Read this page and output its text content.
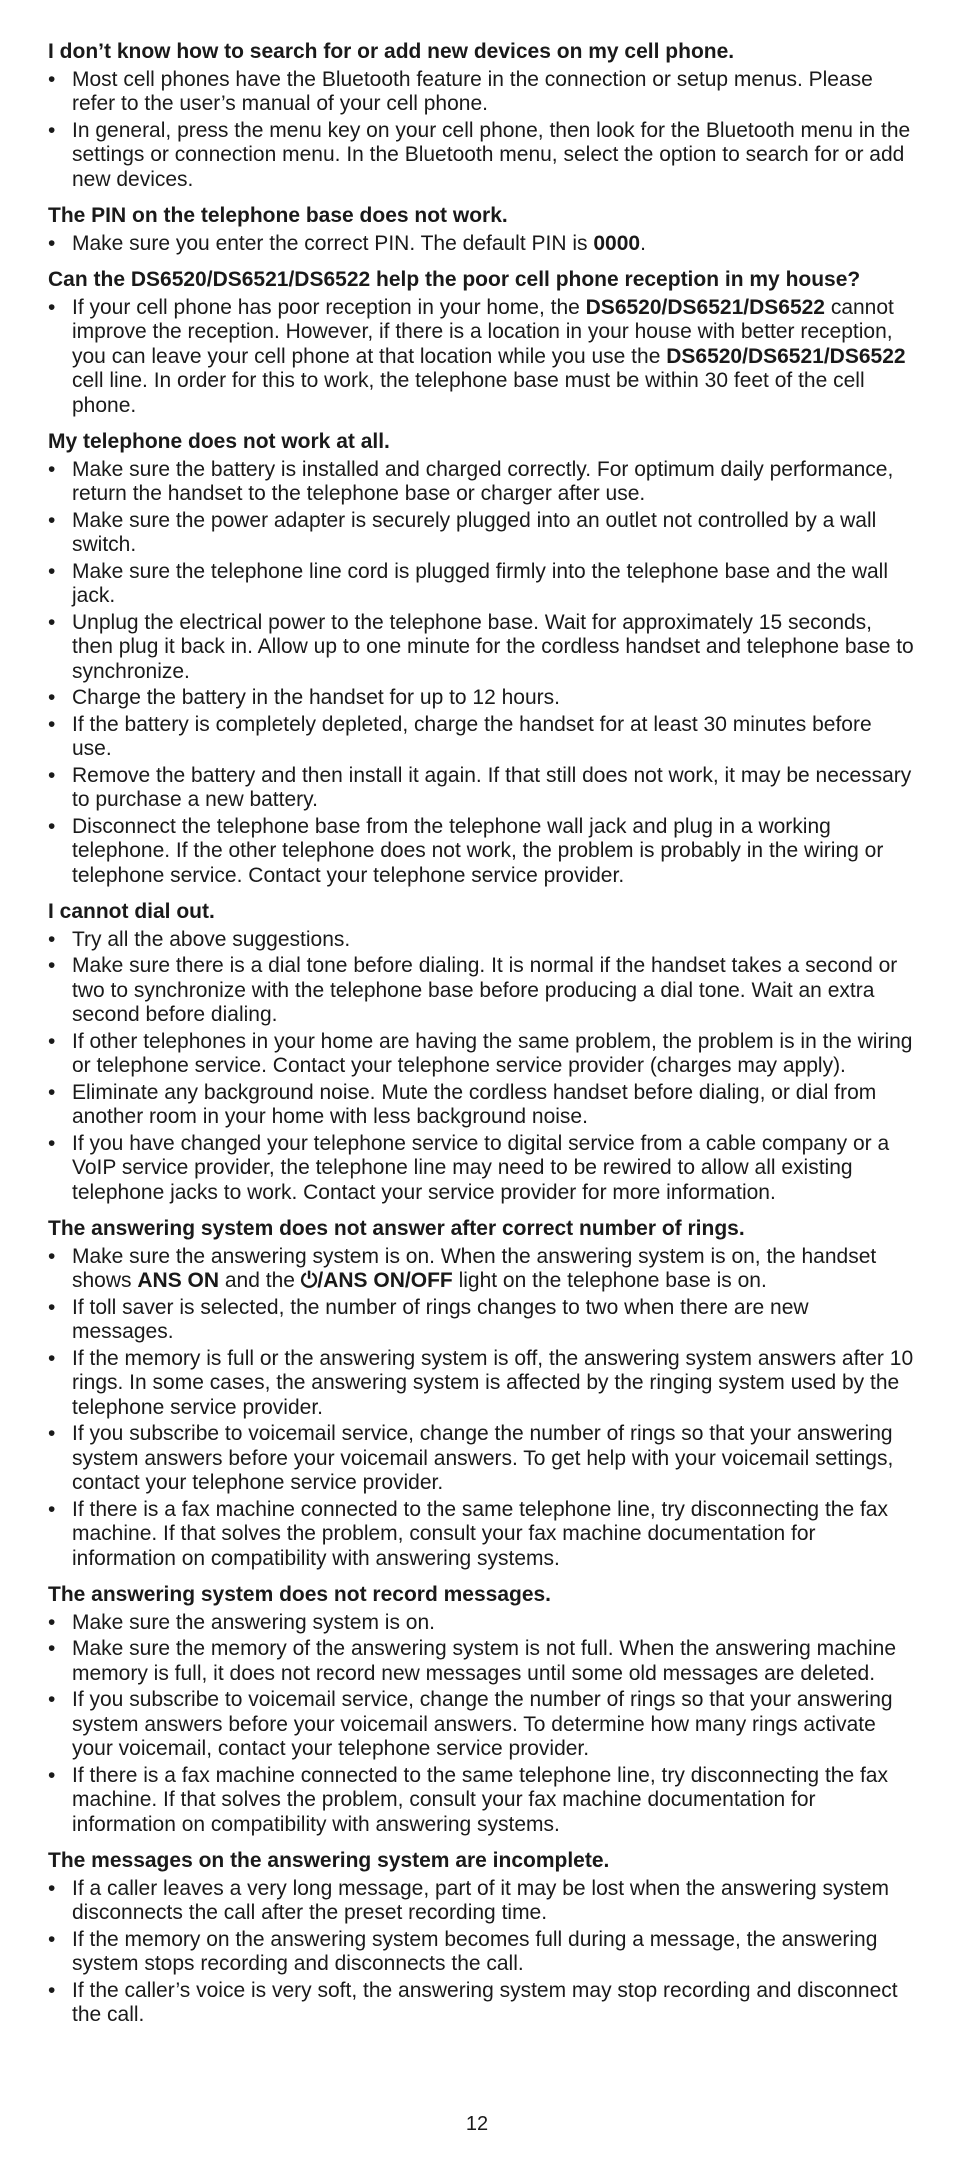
I don’t know how to search for or add new devices on my cell phone.
• Most cell phones have the Bluetooth feature in the connection or setup menus. Please refer to the user’s manual of your cell phone.
• In general, press the menu key on your cell phone, then look for the Bluetooth menu in the settings or connection menu. In the Bluetooth menu, select the option to search for or add new devices.
The PIN on the telephone base does not work.
• Make sure you enter the correct PIN. The default PIN is 0000.
Can the DS6520/DS6521/DS6522 help the poor cell phone reception in my house?
• If your cell phone has poor reception in your home, the DS6520/DS6521/DS6522 cannot improve the reception. However, if there is a location in your house with better reception, you can leave your cell phone at that location while you use the DS6520/DS6521/DS6522 cell line. In order for this to work, the telephone base must be within 30 feet of the cell phone.
My telephone does not work at all.
• Make sure the battery is installed and charged correctly. For optimum daily performance, return the handset to the telephone base or charger after use.
• Make sure the power adapter is securely plugged into an outlet not controlled by a wall switch.
• Make sure the telephone line cord is plugged firmly into the telephone base and the wall jack.
• Unplug the electrical power to the telephone base. Wait for approximately 15 seconds, then plug it back in. Allow up to one minute for the cordless handset and telephone base to synchronize.
• Charge the battery in the handset for up to 12 hours.
• If the battery is completely depleted, charge the handset for at least 30 minutes before use.
• Remove the battery and then install it again. If that still does not work, it may be necessary to purchase a new battery.
• Disconnect the telephone base from the telephone wall jack and plug in a working telephone. If the other telephone does not work, the problem is probably in the wiring or telephone service. Contact your telephone service provider.
I cannot dial out.
• Try all the above suggestions.
• Make sure there is a dial tone before dialing. It is normal if the handset takes a second or two to synchronize with the telephone base before producing a dial tone. Wait an extra second before dialing.
• If other telephones in your home are having the same problem, the problem is in the wiring or telephone service. Contact your telephone service provider (charges may apply).
• Eliminate any background noise. Mute the cordless handset before dialing, or dial from another room in your home with less background noise.
• If you have changed your telephone service to digital service from a cable company or a VoIP service provider, the telephone line may need to be rewired to allow all existing telephone jacks to work. Contact your service provider for more information.
The answering system does not answer after correct number of rings.
• Make sure the answering system is on. When the answering system is on, the handset shows ANS ON and the ⏻/ANS ON/OFF light on the telephone base is on.
• If toll saver is selected, the number of rings changes to two when there are new messages.
• If the memory is full or the answering system is off, the answering system answers after 10 rings. In some cases, the answering system is affected by the ringing system used by the telephone service provider.
• If you subscribe to voicemail service, change the number of rings so that your answering system answers before your voicemail answers. To get help with your voicemail settings, contact your telephone service provider.
• If there is a fax machine connected to the same telephone line, try disconnecting the fax machine. If that solves the problem, consult your fax machine documentation for information on compatibility with answering systems.
The answering system does not record messages.
• Make sure the answering system is on.
• Make sure the memory of the answering system is not full. When the answering machine memory is full, it does not record new messages until some old messages are deleted.
• If you subscribe to voicemail service, change the number of rings so that your answering system answers before your voicemail answers. To determine how many rings activate your voicemail, contact your telephone service provider.
• If there is a fax machine connected to the same telephone line, try disconnecting the fax machine. If that solves the problem, consult your fax machine documentation for information on compatibility with answering systems.
The messages on the answering system are incomplete.
• If a caller leaves a very long message, part of it may be lost when the answering system disconnects the call after the preset recording time.
• If the memory on the answering system becomes full during a message, the answering system stops recording and disconnects the call.
• If the caller’s voice is very soft, the answering system may stop recording and disconnect the call.
12
